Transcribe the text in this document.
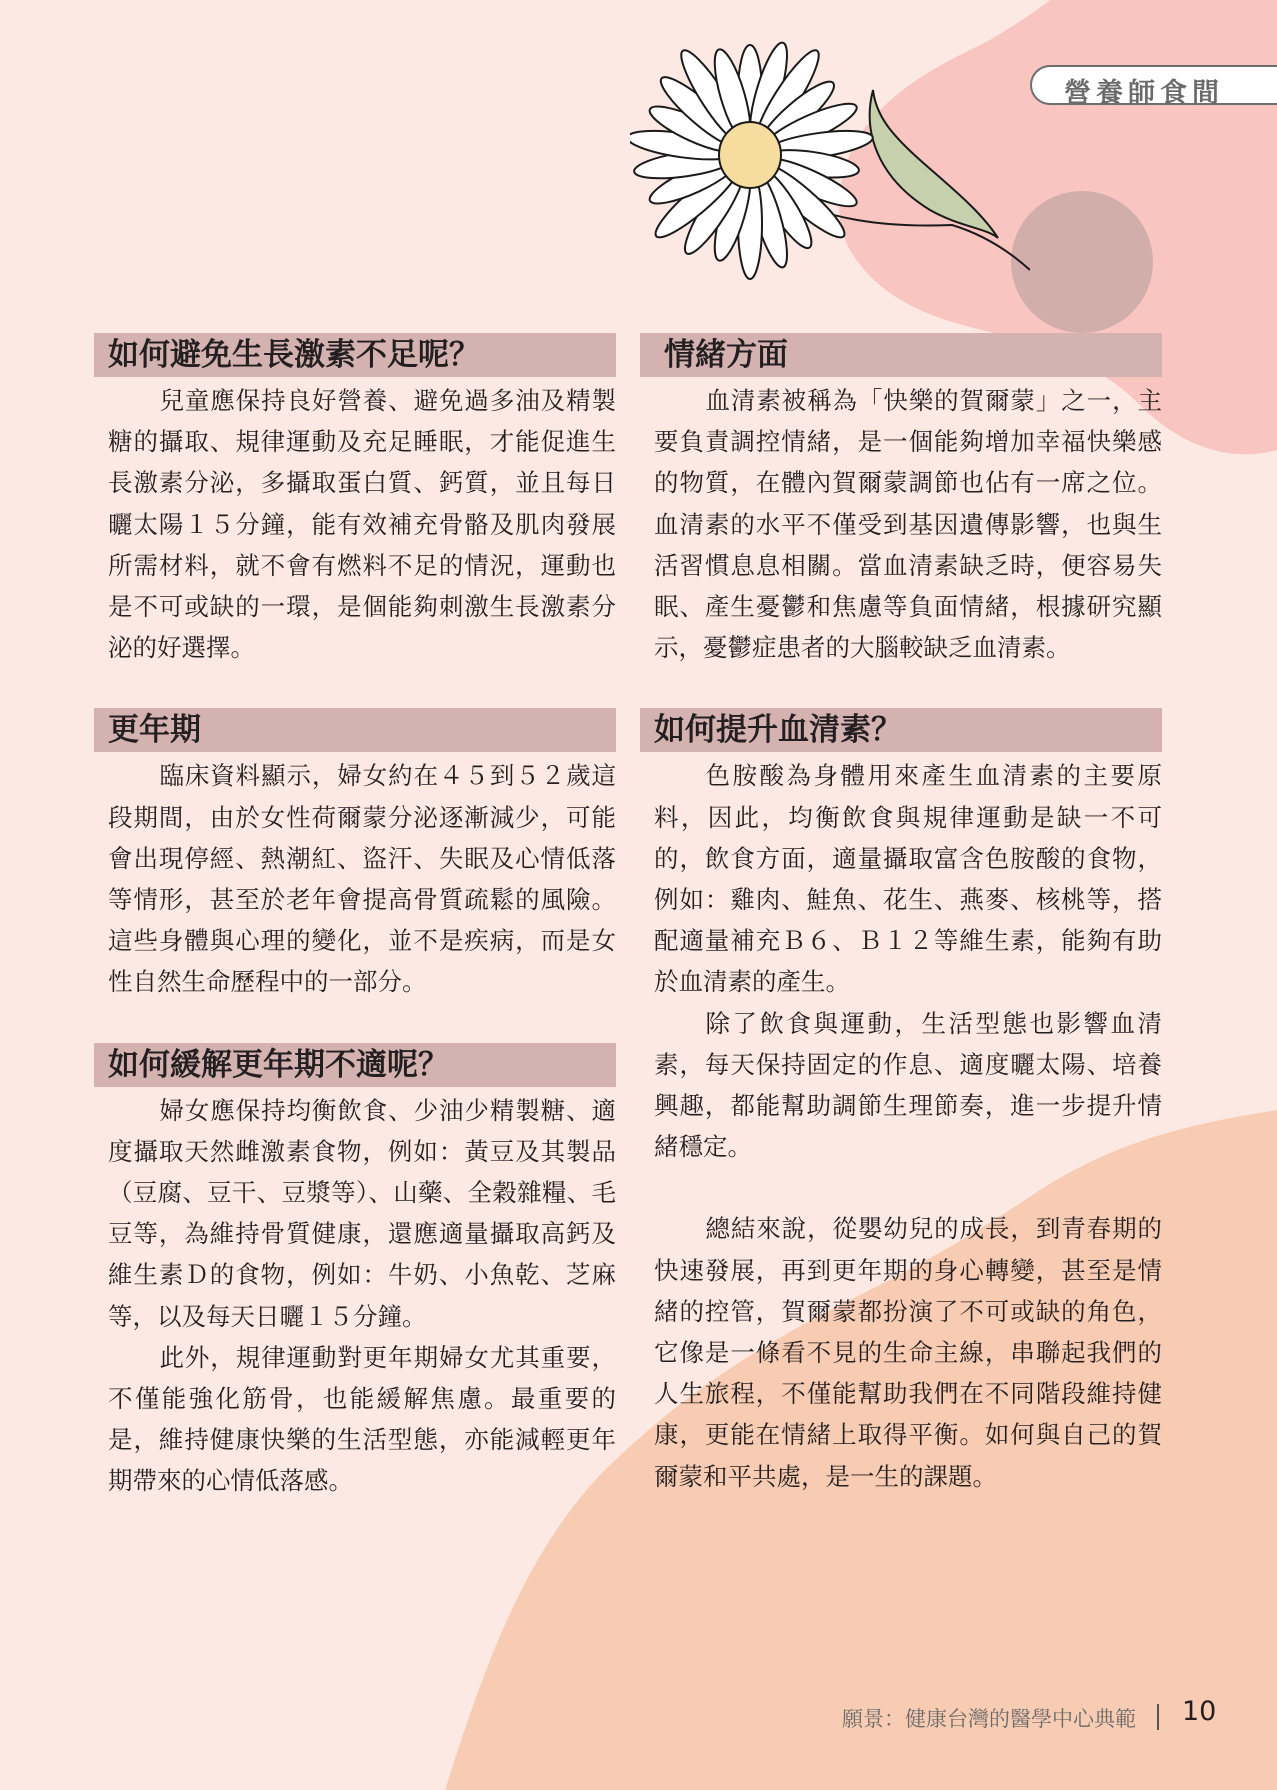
營養師食間
如何避免生長激素不足呢？

兒童應保持良好營養、避免過多油及精製糖的攝取、規律運動及充足睡眠，才能促進生長激素分泌，多攝取蛋白質、鈣質，並且每日曬太陽１５分鐘，能有效補充骨骼及肌肉發展所需材料，就不會有燃料不足的情況，運動也是不可或缺的一環，是個能夠刺激生長激素分泌的好選擇。

更年期

臨床資料顯示，婦女約在４５到５２歲這段期間，由於女性荷爾蒙分泌逐漸減少，可能會出現停經、熱潮紅、盜汗、失眠及心情低落等情形，甚至於老年會提高骨質疏鬆的風險。這些身體與心理的變化，並不是疾病，而是女性自然生命歷程中的一部分。

如何緩解更年期不適呢？

婦女應保持均衡飲食、少油少精製糖、適度攝取天然雌激素食物，例如：黃豆及其製品（豆腐、豆干、豆漿等）、山藥、全穀雜糧、毛豆等，為維持骨質健康，還應適量攝取高鈣及維生素Ｄ的食物，例如：牛奶、小魚乾、芝麻等，以及每天日曬１５分鐘。

此外，規律運動對更年期婦女尤其重要，不僅能強化筋骨，也能緩解焦慮。最重要的是，維持健康快樂的生活型態，亦能減輕更年期帶來的心情低落感。

情緒方面

血清素被稱為「快樂的賀爾蒙」之一，主要負責調控情緒，是一個能夠增加幸福快樂感的物質，在體內賀爾蒙調節也佔有一席之位。血清素的水平不僅受到基因遺傳影響，也與生活習慣息息相關。當血清素缺乏時，便容易失眠、產生憂鬱和焦慮等負面情緒，根據研究顯示，憂鬱症患者的大腦較缺乏血清素。

如何提升血清素？

色胺酸為身體用來產生血清素的主要原料，因此，均衡飲食與規律運動是缺一不可的，飲食方面，適量攝取富含色胺酸的食物，例如：雞肉、鮭魚、花生、燕麥、核桃等，搭配適量補充Ｂ６、Ｂ１２等維生素，能夠有助於血清素的產生。

除了飲食與運動，生活型態也影響血清素，每天保持固定的作息、適度曬太陽、培養興趣，都能幫助調節生理節奏，進一步提升情緒穩定。

總結來說，從嬰幼兒的成長，到青春期的快速發展，再到更年期的身心轉變，甚至是情緒的控管，賀爾蒙都扮演了不可或缺的角色，它像是一條看不見的生命主線，串聯起我們的人生旅程，不僅能幫助我們在不同階段維持健康，更能在情緒上取得平衡。如何與自己的賀爾蒙和平共處，是一生的課題。

願景：健康台灣的醫學中心典範 10
